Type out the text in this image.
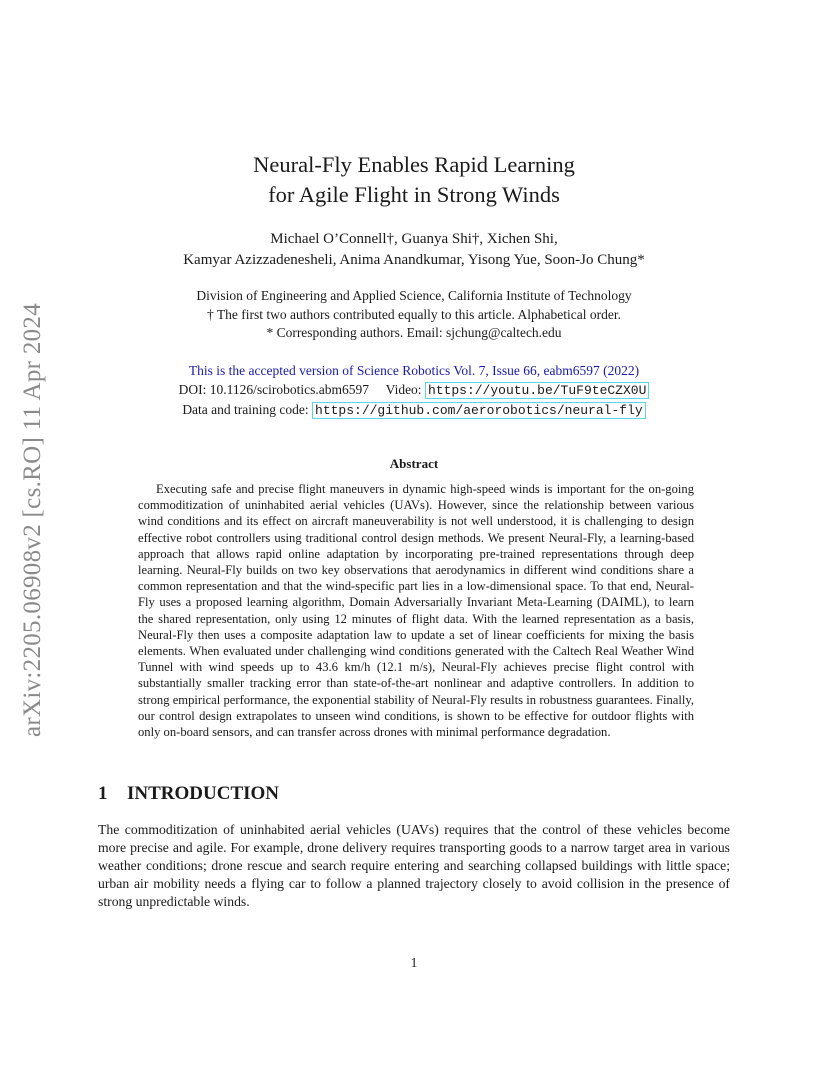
arXiv:2205.06908v2 [cs.RO] 11 Apr 2024
Neural-Fly Enables Rapid Learning
for Agile Flight in Strong Winds
Michael O’Connell†, Guanya Shi†, Xichen Shi,
Kamyar Azizzadenesheli, Anima Anandkumar, Yisong Yue, Soon-Jo Chung*
Division of Engineering and Applied Science, California Institute of Technology
† The first two authors contributed equally to this article. Alphabetical order.
* Corresponding authors. Email: sjchung@caltech.edu
This is the accepted version of Science Robotics Vol. 7, Issue 66, eabm6597 (2022)
DOI: 10.1126/scirobotics.abm6597 Video: https://youtu.be/TuF9teCZX0U
Data and training code: https://github.com/aerorobotics/neural-fly
Abstract

Executing safe and precise flight maneuvers in dynamic high-speed winds is important for the on-going commoditization of uninhabited aerial vehicles (UAVs). However, since the relationship between various wind conditions and its effect on aircraft maneuverability is not well understood, it is challenging to design effective robot controllers using traditional control design methods. We present Neural-Fly, a learning-based approach that allows rapid online adaptation by incorporating pre-trained representations through deep learning. Neural-Fly builds on two key observations that aerodynamics in different wind conditions share a common representation and that the wind-specific part lies in a low-dimensional space. To that end, Neural-Fly uses a proposed learning algorithm, Domain Adversarially Invariant Meta-Learning (DAIML), to learn the shared representation, only using 12 minutes of flight data. With the learned representation as a basis, Neural-Fly then uses a composite adaptation law to update a set of linear coefficients for mixing the basis elements. When evaluated under challenging wind conditions generated with the Caltech Real Weather Wind Tunnel with wind speeds up to 43.6 km/h (12.1 m/s), Neural-Fly achieves precise flight control with substantially smaller tracking error than state-of-the-art nonlinear and adaptive controllers. In addition to strong empirical performance, the exponential stability of Neural-Fly results in robustness guarantees. Finally, our control design extrapolates to unseen wind conditions, is shown to be effective for outdoor flights with only on-board sensors, and can transfer across drones with minimal performance degradation.

1 INTRODUCTION

The commoditization of uninhabited aerial vehicles (UAVs) requires that the control of these vehicles become more precise and agile. For example, drone delivery requires transporting goods to a narrow target area in various weather conditions; drone rescue and search require entering and searching collapsed buildings with little space; urban air mobility needs a flying car to follow a planned trajectory closely to avoid collision in the presence of strong unpredictable winds.

1
